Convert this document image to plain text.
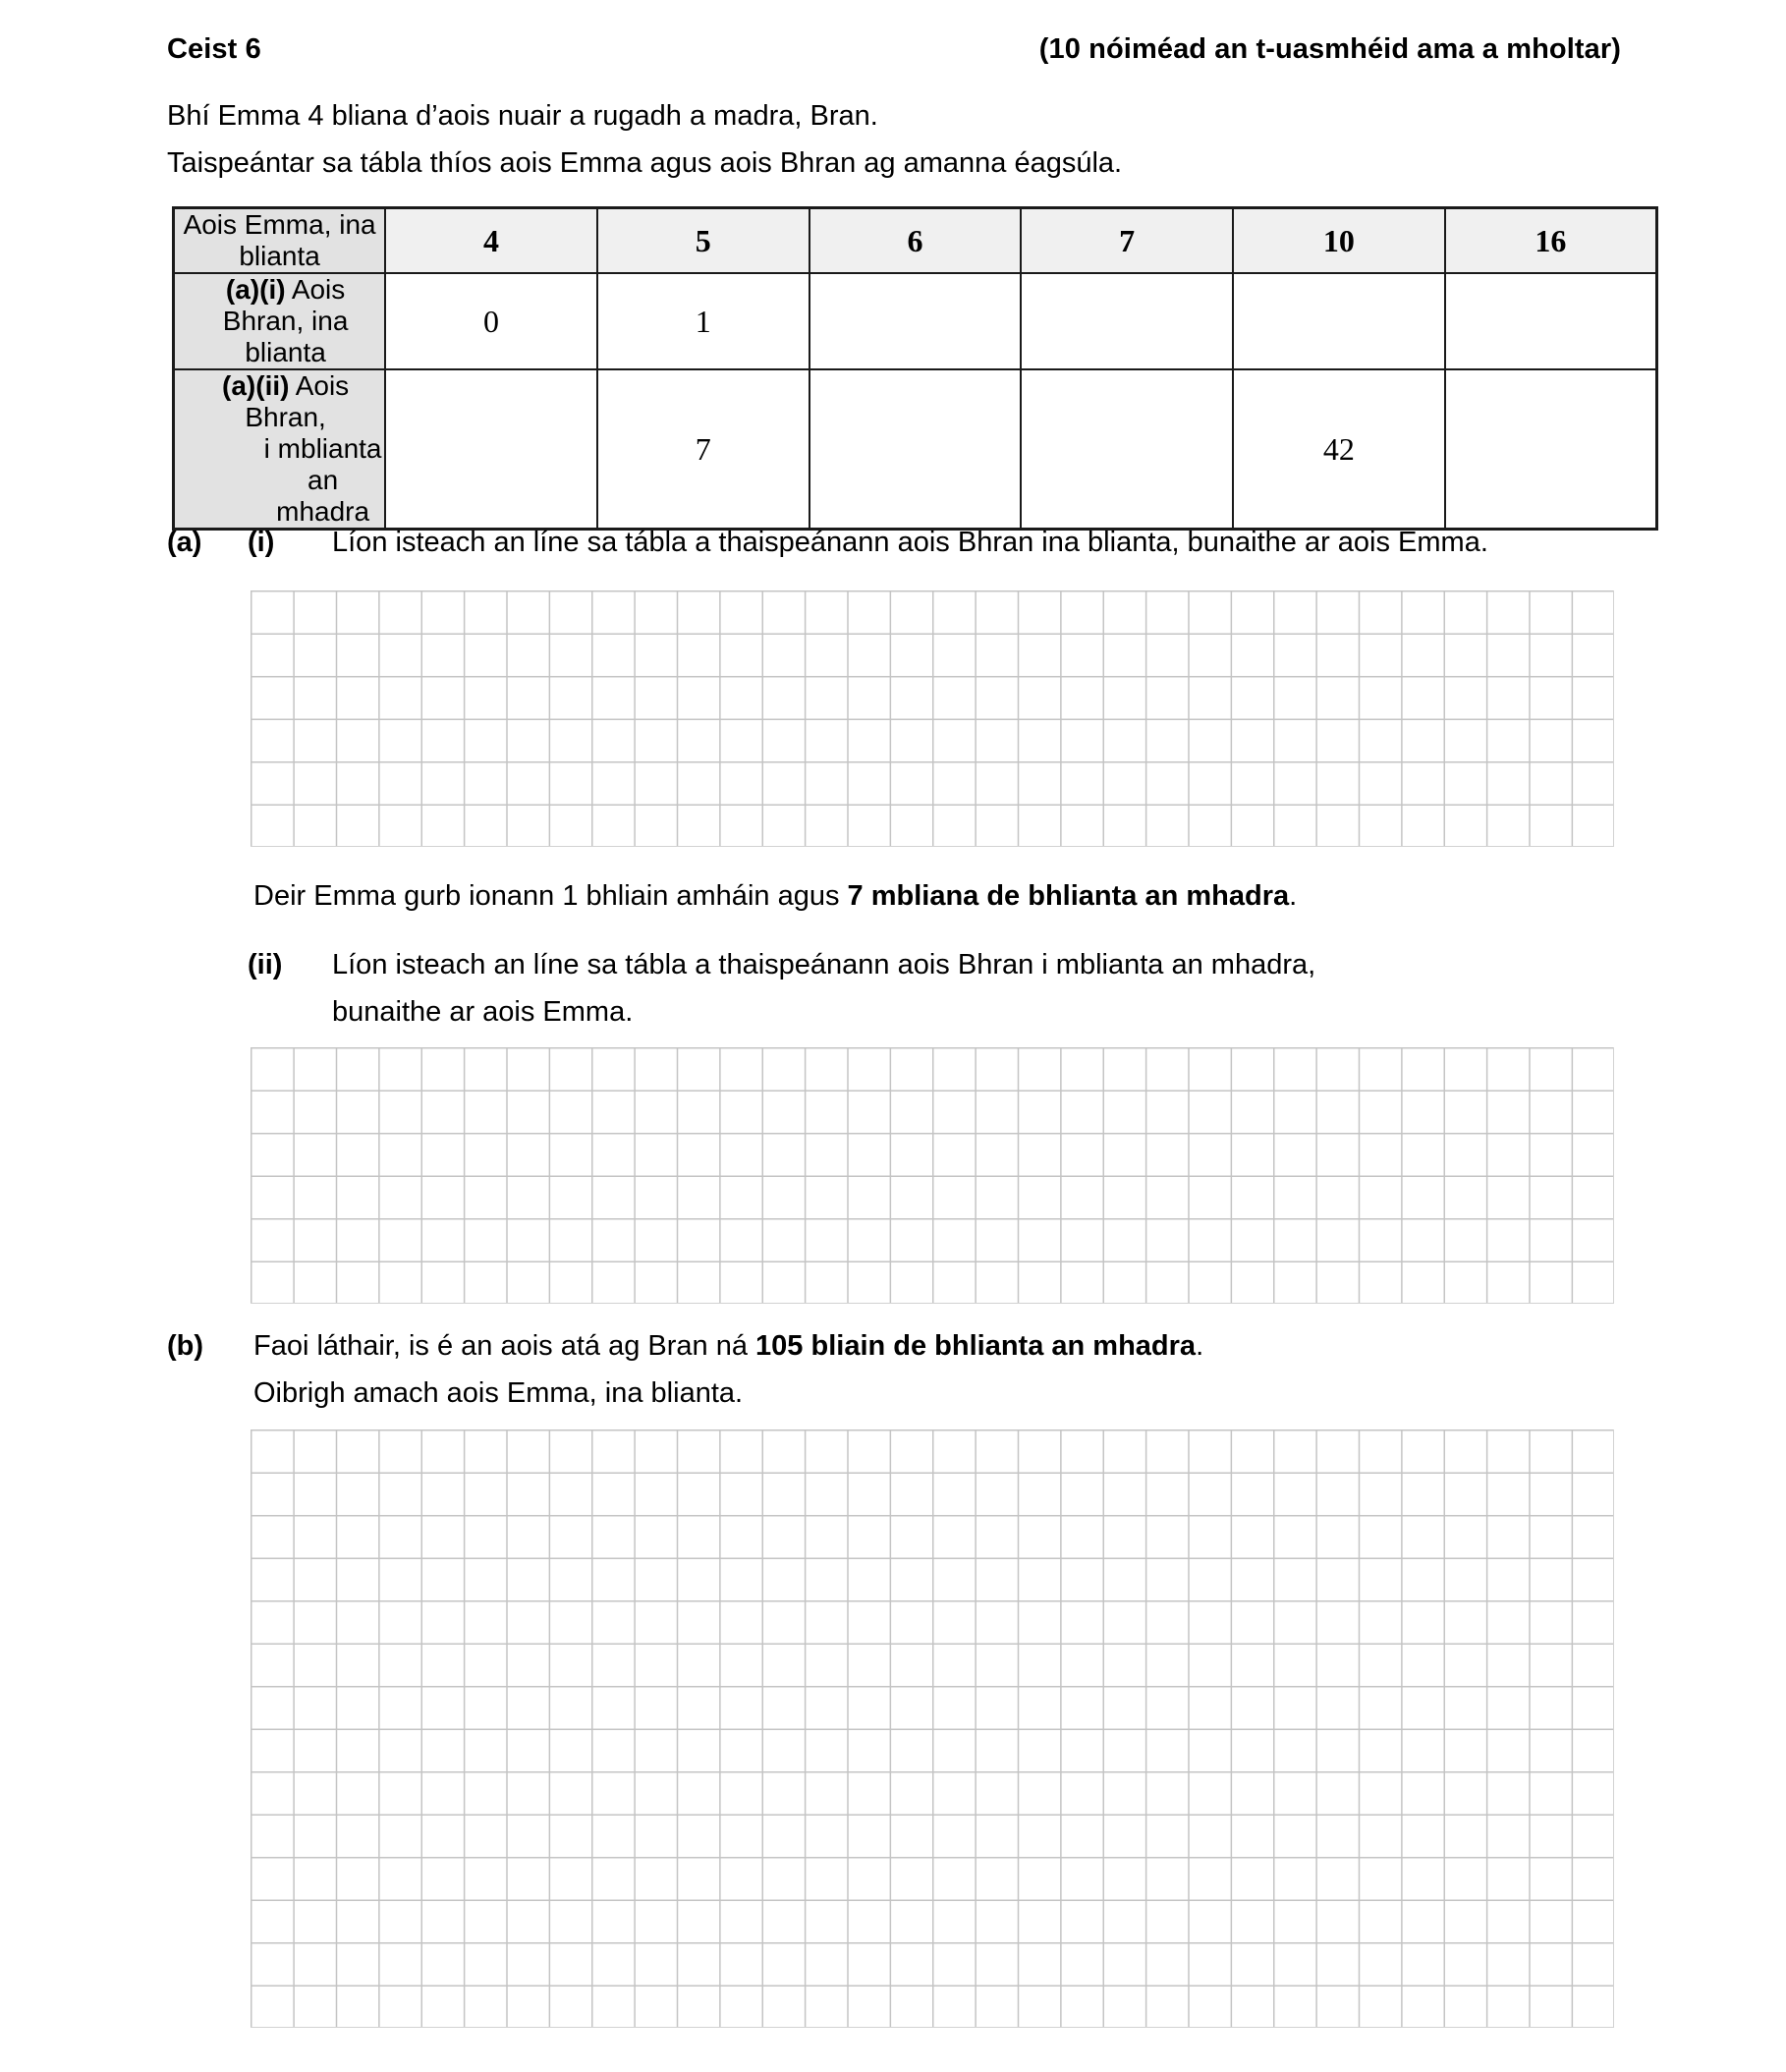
Ceist 6	(10 nóiméad an t-uasmhéid ama a mholtar)
Bhí Emma 4 bliana d’aois nuair a rugadh a madra, Bran.
Taispeántar sa tábla thíos aois Emma agus aois Bhran ag amanna éagsúla.
Aois Emma, ina blianta	4	5	6	7	10	16

(a)(i) Aois Bhran, ina blianta	0	1				

(a)(ii) Aois Bhran,
i mblianta an mhadra		7			42	
(a) (i) Líon isteach an líne sa tábla a thaispeánann aois Bhran ina blianta, bunaithe ar aois Emma.
Deir Emma gurb ionann 1 bhliain amháin agus 7 mbliana de bhlianta an mhadra.
(ii) Líon isteach an líne sa tábla a thaispeánann aois Bhran i mblianta an mhadra,
bunaithe ar aois Emma.
(b) Faoi láthair, is é an aois atá ag Bran ná 105 bliain de bhlianta an mhadra.
Oibrigh amach aois Emma, ina blianta.
